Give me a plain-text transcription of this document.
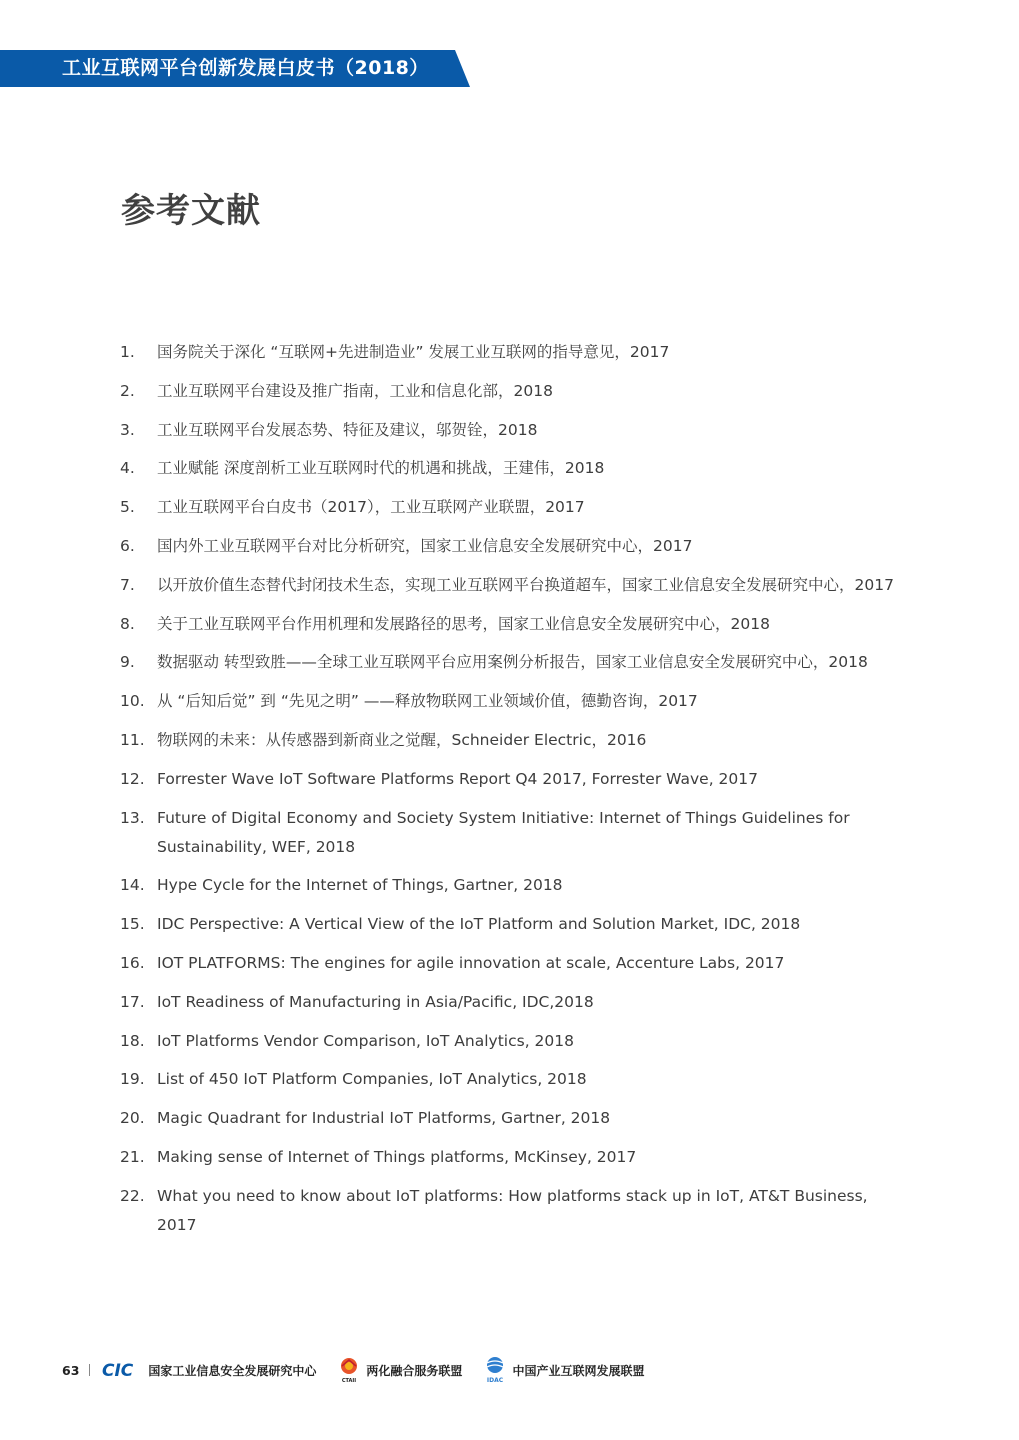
工业互联网平台创新发展白皮书（2018）
参考文献
1.	国务院关于深化 “互联网+先进制造业” 发展工业互联网的指导意见，2017
2.	工业互联网平台建设及推广指南，工业和信息化部，2018
3.	工业互联网平台发展态势、特征及建议，邬贺铨，2018
4.	工业赋能 深度剖析工业互联网时代的机遇和挑战，王建伟，2018
5.	工业互联网平台白皮书（2017），工业互联网产业联盟，2017
6.	国内外工业互联网平台对比分析研究，国家工业信息安全发展研究中心，2017
7.	以开放价值生态替代封闭技术生态，实现工业互联网平台换道超车，国家工业信息安全发展研究中心，2017
8.	关于工业互联网平台作用机理和发展路径的思考，国家工业信息安全发展研究中心，2018
9.	数据驱动 转型致胜——全球工业互联网平台应用案例分析报告，国家工业信息安全发展研究中心，2018
10. 从 “后知后觉” 到 “先见之明” ——释放物联网工业领域价值，德勤咨询，2017
11. 物联网的未来：从传感器到新商业之觉醒，Schneider Electric，2016
12. Forrester Wave IoT Software Platforms Report Q4 2017, Forrester Wave, 2017
13. Future of Digital Economy and Society System Initiative: Internet of Things Guidelines for Sustainability, WEF, 2018
14. Hype Cycle for the Internet of Things, Gartner, 2018
15. IDC Perspective: A Vertical View of the IoT Platform and Solution Market, IDC, 2018
16. IOT PLATFORMS: The engines for agile innovation at scale, Accenture Labs, 2017
17. IoT Readiness of Manufacturing in Asia/Pacific, IDC,2018
18. IoT Platforms Vendor Comparison, IoT Analytics, 2018
19. List of 450 IoT Platform Companies, IoT Analytics, 2018
20. Magic Quadrant for Industrial IoT Platforms, Gartner, 2018
21. Making sense of Internet of Things platforms, McKinsey, 2017
22. What you need to know about IoT platforms: How platforms stack up in IoT, AT&T Business, 2017
63 CIC 国家工业信息安全发展研究中心
CTAII
两化融合服务联盟
IDAC
中国产业互联网发展联盟
